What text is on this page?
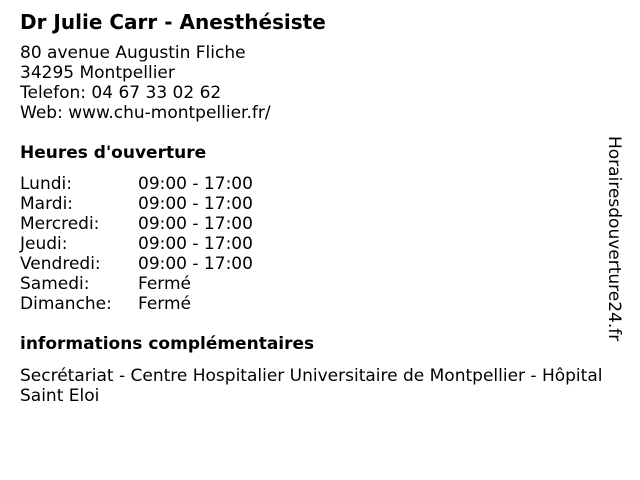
Dr Julie Carr - Anesthésiste
80 avenue Augustin Fliche
34295 Montpellier
Telefon: 04 67 33 02 62
Web: www.chu-montpellier.fr/
Heures d'ouverture
Lundi:	09:00 - 17:00
Mardi:	09:00 - 17:00
Mercredi:	09:00 - 17:00
Jeudi:	09:00 - 17:00
Vendredi:	09:00 - 17:00
Samedi:	Fermé
Dimanche:	Fermé
informations complémentaires
Secrétariat - Centre Hospitalier Universitaire de Montpellier - Hôpital Saint Eloi
Horairesdouverture24.fr
